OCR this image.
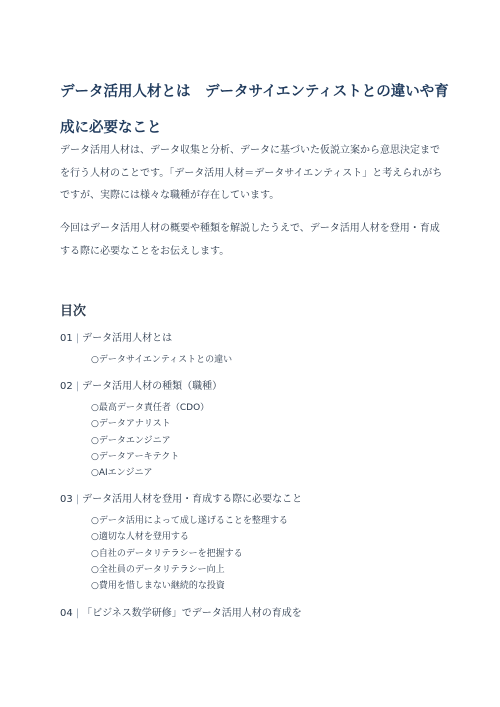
データ活用人材とは　データサイエンティストとの違いや育成に必要なこと

データ活用人材は、データ収集と分析、データに基づいた仮説立案から意思決定までを行う人材のことです。「データ活用人材＝データサイエンティスト」と考えられがちですが、実際には様々な職種が存在しています。

今回はデータ活用人材の概要や種類を解説したうえで、データ活用人材を登用・育成する際に必要なことをお伝えします。

目次
01 | データ活用人材とは
○データサイエンティストとの違い
02 | データ活用人材の種類（職種）
○最高データ責任者（CDO）
○データアナリスト
○データエンジニア
○データアーキテクト
○AIエンジニア
03 | データ活用人材を登用・育成する際に必要なこと
○データ活用によって成し遂げることを整理する
○適切な人材を登用する
○自社のデータリテラシーを把握する
○全社員のデータリテラシー向上
○費用を惜しまない継続的な投資
04 | 「ビジネス数学研修」でデータ活用人材の育成を
